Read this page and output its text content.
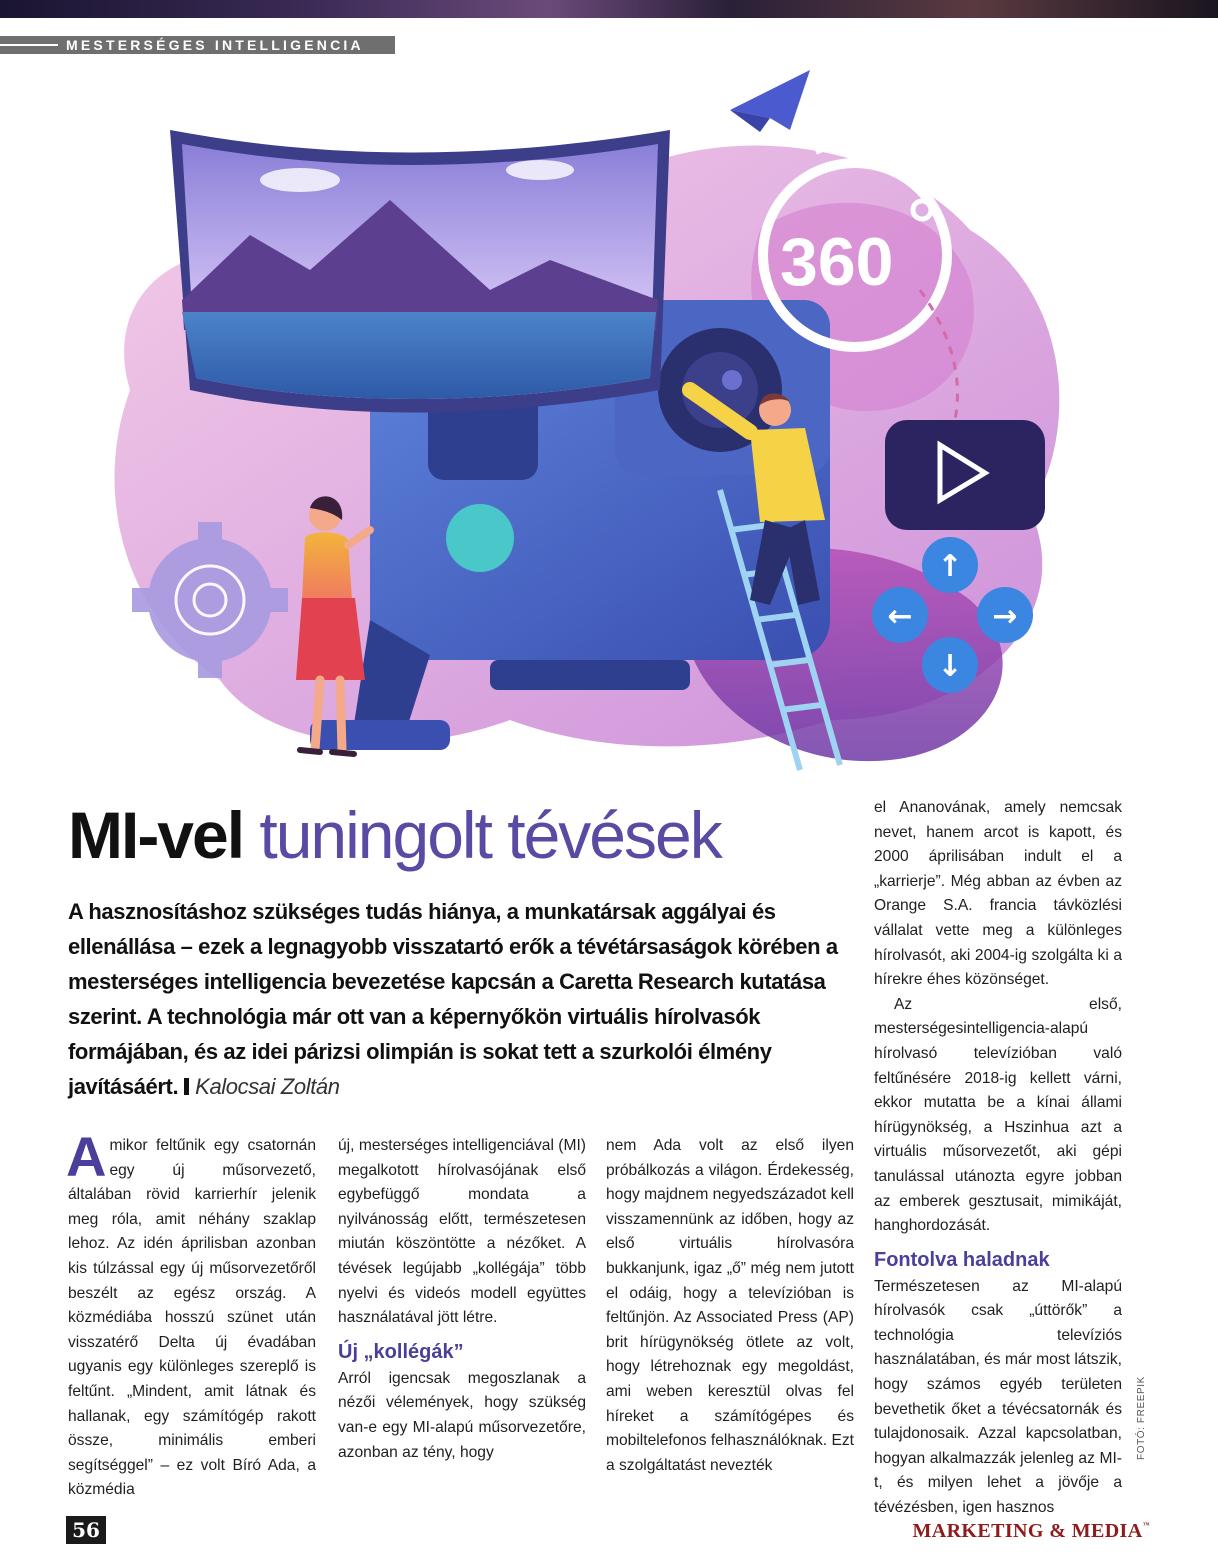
MESTERSÉGES INTELLIGENCIA
360
↑
←	→
↓
MI-vel tuningolt tévések
A hasznosításhoz szükséges tudás hiánya, a munkatársak aggályai és ellenállása – ezek a legnagyobb visszatartó erők a tévétársaságok körében a mesterséges intelligencia bevezetése kapcsán a Caretta Research kutatása szerint. A technológia már ott van a képernyőkön virtuális hírolvasók formájában, és az idei párizsi olimpián is sokat tett a szurkolói élmény javításáért. Kalocsai Zoltán

Amikor feltűnik egy csatornán egy új műsorvezető, általában rövid karrierhír jelenik meg róla, amit néhány szaklap lehoz. Az idén áprilisban azonban kis túlzással egy új műsorvezetőről beszélt az egész ország. A közmédiába hosszú szünet után visszatérő Delta új évadában ugyanis egy különleges szereplő is feltűnt. „Mindent, amit látnak és hallanak, egy számítógép rakott össze, minimális emberi segítséggel” – ez volt Bíró Ada, a közmédia

új, mesterséges intelligenciával (MI) megalkotott hírolvasójának első egybefüggő mondata a nyilvánosság előtt, természetesen miután köszöntötte a nézőket. A tévések legújabb „kollégája” több nyelvi és videós modell együttes használatával jött létre.

Új „kollégák”

Arról igencsak megoszlanak a nézői vélemények, hogy szükség van-e egy MI-alapú műsorvezetőre, azonban az tény, hogy

nem Ada volt az első ilyen próbálkozás a világon. Érdekesség, hogy majdnem negyedszázadot kell visszamennünk az időben, hogy az első virtuális hírolvasóra bukkanjunk, igaz „ő” még nem jutott el odáig, hogy a televízióban is feltűnjön. Az Associated Press (AP) brit hírügynökség ötlete az volt, hogy létrehoznak egy megoldást, ami weben keresztül olvas fel híreket a számítógépes és mobiltelefonos felhasználóknak. Ezt a szolgáltatást nevezték

el Ananovának, amely nemcsak nevet, hanem arcot is kapott, és 2000 áprilisában indult el a „karrierje”. Még abban az évben az Orange S.A. francia távközlési vállalat vette meg a különleges hírolvasót, aki 2004-ig szolgálta ki a hírekre éhes közönséget.

Az első, mesterségesintelligencia-alapú hírolvasó televízióban való feltűnésére 2018-ig kellett várni, ekkor mutatta be a kínai állami hírügynökség, a Hszinhua azt a virtuális műsorvezetőt, aki gépi tanulással utánozta egyre jobban az emberek gesztusait, mimikáját, hanghordozását.

Fontolva haladnak

Természetesen az MI-alapú hírolvasók csak „úttörők” a technológia televíziós használatában, és már most látszik, hogy számos egyéb területen bevethetik őket a tévécsatornák és tulajdonosaik. Azzal kapcsolatban, hogyan alkalmazzák jelenleg az MI-t, és milyen lehet a jövője a tévézésben, igen hasznos

FOTÓ: FREEPIK
56	MARKETING & MEDIA™
